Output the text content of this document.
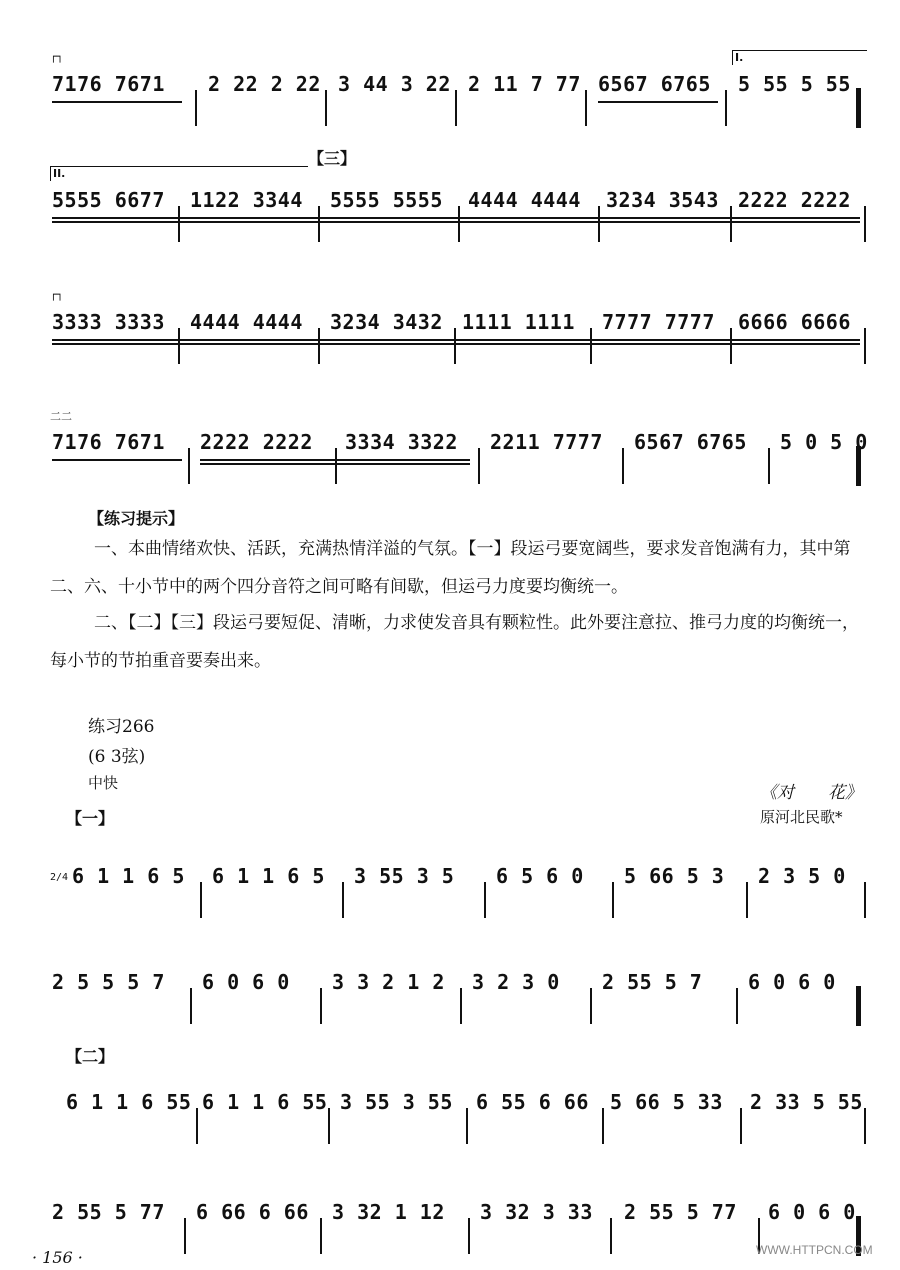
┌┐	I.
7176 7671 2 22 2 22 3 44 3 22 2 11 7 77 6567 6765 5 55 5 55
【三】
II.
5555 6677 1122 3344 5555 5555 4444 4444 3234 3543 2222 2222
┌┐
3333 3333 4444 4444 3234 3432 1111 1111 7777 7777 6666 6666
二二
7176 7671 2222 2222 3334 3322 2211 7777 6567 6765 5 0 5 0
【练习提示】
一、本曲情绪欢快、活跃，充满热情洋溢的气氛。【一】段运弓要宽阔些，要求发音饱满有力，其中第二、六、十小节中的两个四分音符之间可略有间歇，但运弓力度要均衡统一。
二、【二】【三】段运弓要短促、清晰，力求使发音具有颗粒性。此外要注意拉、推弓力度的均衡统一，每小节的节拍重音要奏出来。
练习266
(6 3弦)
中快	《对　　花》
【一】	原河北民歌*
2/4 6 1 1 6 5 6 1 1 6 5 3 55 3 5 6 5 6 0 5 66 5 3 2 3 5 0
2 5 5 5 7 6 0 6 0 3 3 2 1 2 3 2 3 0 2 55 5 7 6 0 6 0
【二】
6 1 1 6 55 6 1 1 6 55 3 55 3 55 6 55 6 66 5 66 5 33 2 33 5 55
2 55 5 77 6 66 6 66 3 32 1 12 3 32 3 33 2 55 5 77 6 0 6 0
· 156 ·	WWW.HTTPCN.COM
